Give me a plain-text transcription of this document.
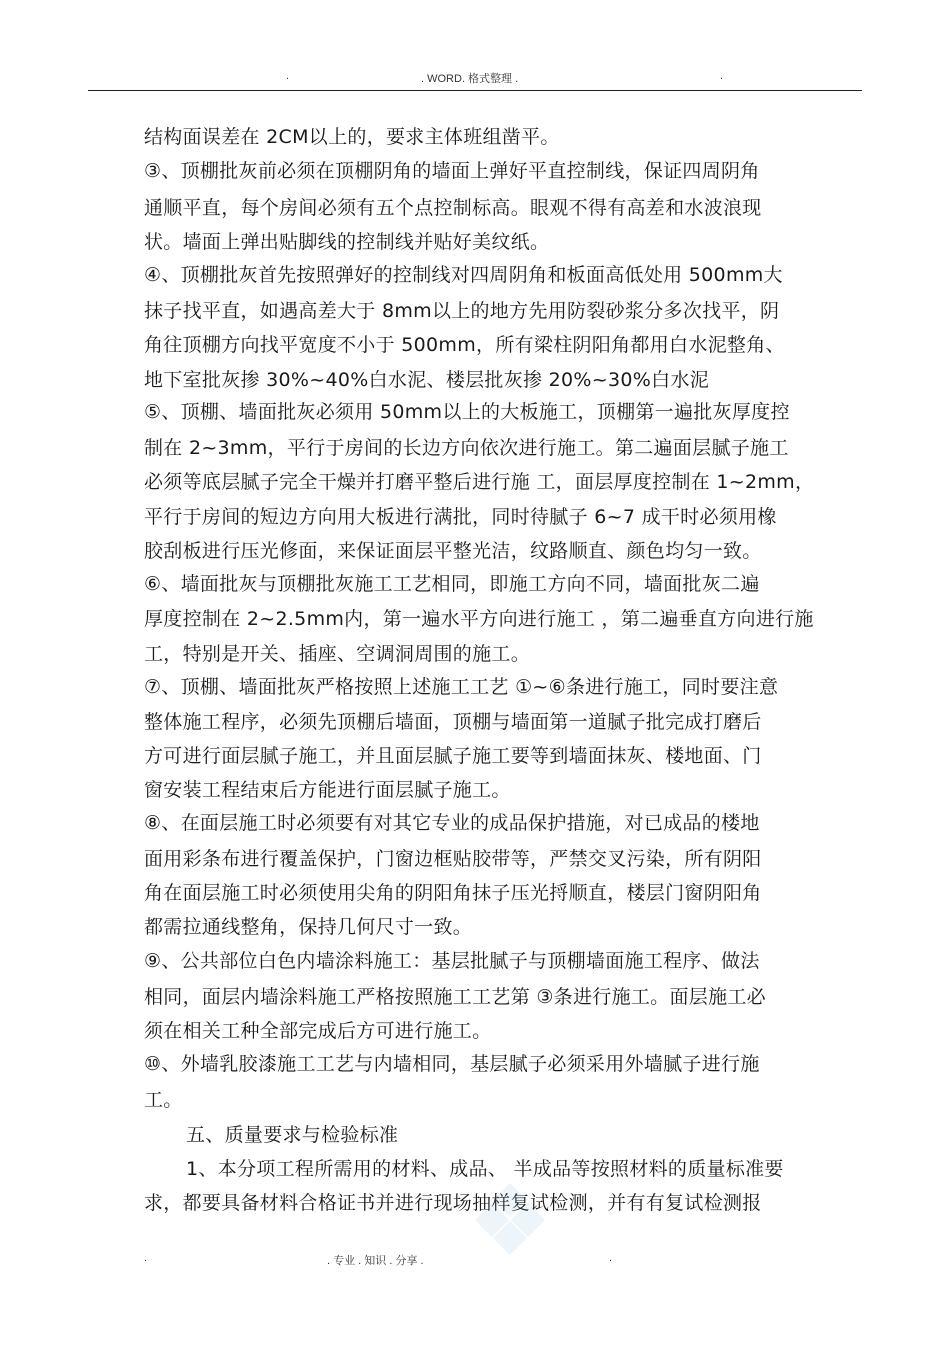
.	. WORD. 格式整理 .	.
结构面误差在 2CM以上的，要求主体班组凿平。
③、顶棚批灰前必须在顶棚阴角的墙面上弹好平直控制线，保证四周阴角
通顺平直，每个房间必须有五个点控制标高。眼观不得有高差和水波浪现
状。墙面上弹出贴脚线的控制线并贴好美纹纸。
④、顶棚批灰首先按照弹好的控制线对四周阴角和板面高低处用 500mm大
抹子找平直，如遇高差大于 8mm以上的地方先用防裂砂浆分多次找平，阴
角往顶棚方向找平宽度不小于 500mm，所有梁柱阴阳角都用白水泥整角、
地下室批灰掺 30%~40%白水泥、楼层批灰掺 20%~30%白水泥
⑤、顶棚、墙面批灰必须用 50mm以上的大板施工，顶棚第一遍批灰厚度控
制在 2~3mm，平行于房间的长边方向依次进行施工。第二遍面层腻子施工
必须等底层腻子完全干燥并打磨平整后进行施 工，面层厚度控制在 1~2mm，
平行于房间的短边方向用大板进行满批，同时待腻子 6~7 成干时必须用橡
胶刮板进行压光修面，来保证面层平整光洁，纹路顺直、颜色均匀一致。
⑥、墙面批灰与顶棚批灰施工工艺相同，即施工方向不同，墙面批灰二遍
厚度控制在 2~2.5mm内，第一遍水平方向进行施工 ，第二遍垂直方向进行施
工，特别是开关、插座、空调洞周围的施工。
⑦、顶棚、墙面批灰严格按照上述施工工艺 ①~⑥条进行施工，同时要注意
整体施工程序，必须先顶棚后墙面，顶棚与墙面第一道腻子批完成打磨后
方可进行面层腻子施工，并且面层腻子施工要等到墙面抹灰、楼地面、门
窗安装工程结束后方能进行面层腻子施工。
⑧、在面层施工时必须要有对其它专业的成品保护措施，对已成品的楼地
面用彩条布进行覆盖保护，门窗边框贴胶带等，严禁交叉污染，所有阴阳
角在面层施工时必须使用尖角的阴阳角抹子压光捋顺直，楼层门窗阴阳角
都需拉通线整角，保持几何尺寸一致。
⑨、公共部位白色内墙涂料施工：基层批腻子与顶棚墙面施工程序、做法
相同，面层内墙涂料施工严格按照施工工艺第 ③条进行施工。面层施工必
须在相关工种全部完成后方可进行施工。
⑩、外墙乳胶漆施工工艺与内墙相同，基层腻子必须采用外墙腻子进行施
工。
五、质量要求与检验标准
1、本分项工程所需用的材料、成品、 半成品等按照材料的质量标准要
求，都要具备材料合格证书并进行现场抽样复试检测，并有有复试检测报
.	. 专业 . 知识 . 分享 .	.
